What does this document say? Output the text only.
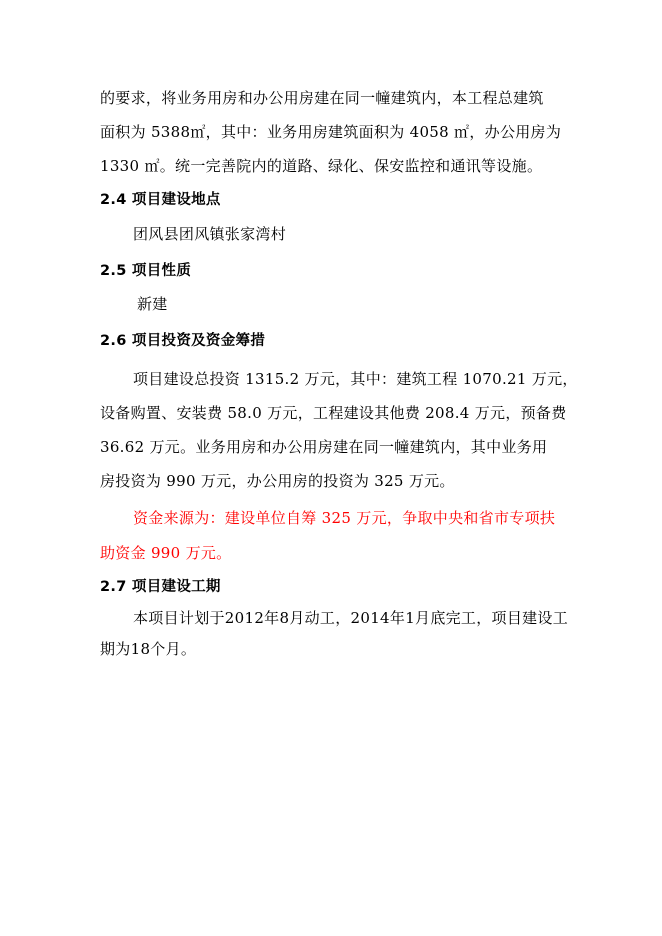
的要求，将业务用房和办公用房建在同一幢建筑内，本工程总建筑
面积为 5388㎡，其中：业务用房建筑面积为 4058 ㎡，办公用房为
1330 ㎡。统一完善院内的道路、绿化、保安监控和通讯等设施。
2.4 项目建设地点
团风县团风镇张家湾村
2.5 项目性质
新建
2.6 项目投资及资金筹措
项目建设总投资 1315.2 万元，其中：建筑工程 1070.21 万元，
设备购置、安装费 58.0 万元，工程建设其他费 208.4 万元，预备费
36.62 万元。业务用房和办公用房建在同一幢建筑内，其中业务用
房投资为 990 万元，办公用房的投资为 325 万元。
资金来源为：建设单位自筹 325 万元，争取中央和省市专项扶
助资金 990 万元。
2.7 项目建设工期
本项目计划于2012年8月动工，2014年1月底完工，项目建设工
期为18个月。
